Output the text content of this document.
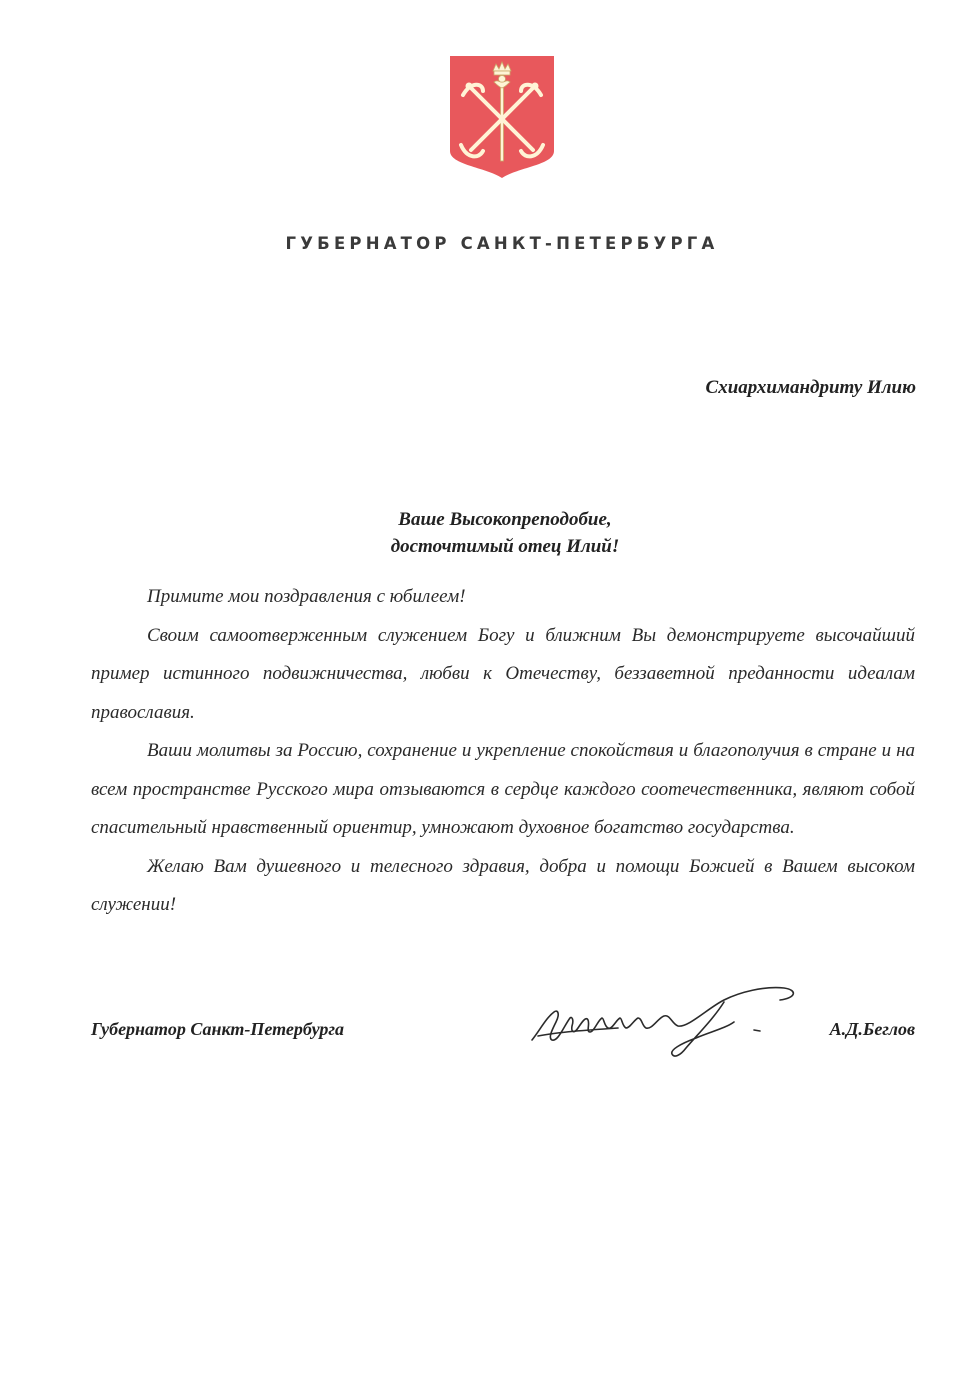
ГУБЕРНАТОР САНКТ-ПЕТЕРБУРГА
Схиархимандриту Илию
Ваше Высокопреподобие,
досточтимый отец Илий!

Примите мои поздравления с юбилеем!

Своим самоотверженным служением Богу и ближним Вы демонстрируете высочайший пример истинного подвижничества, любви к Отечеству, беззаветной преданности идеалам православия.

Ваши молитвы за Россию, сохранение и укрепление спокойствия и благополучия в стране и на всем пространстве Русского мира отзываются в сердце каждого соотечественника, являют собой спасительный нравственный ориентир, умножают духовное богатство государства.

Желаю Вам душевного и телесного здравия, добра и помощи Божией в Вашем высоком служении!

Губернатор Санкт-Петербурга	А.Д.Беглов
